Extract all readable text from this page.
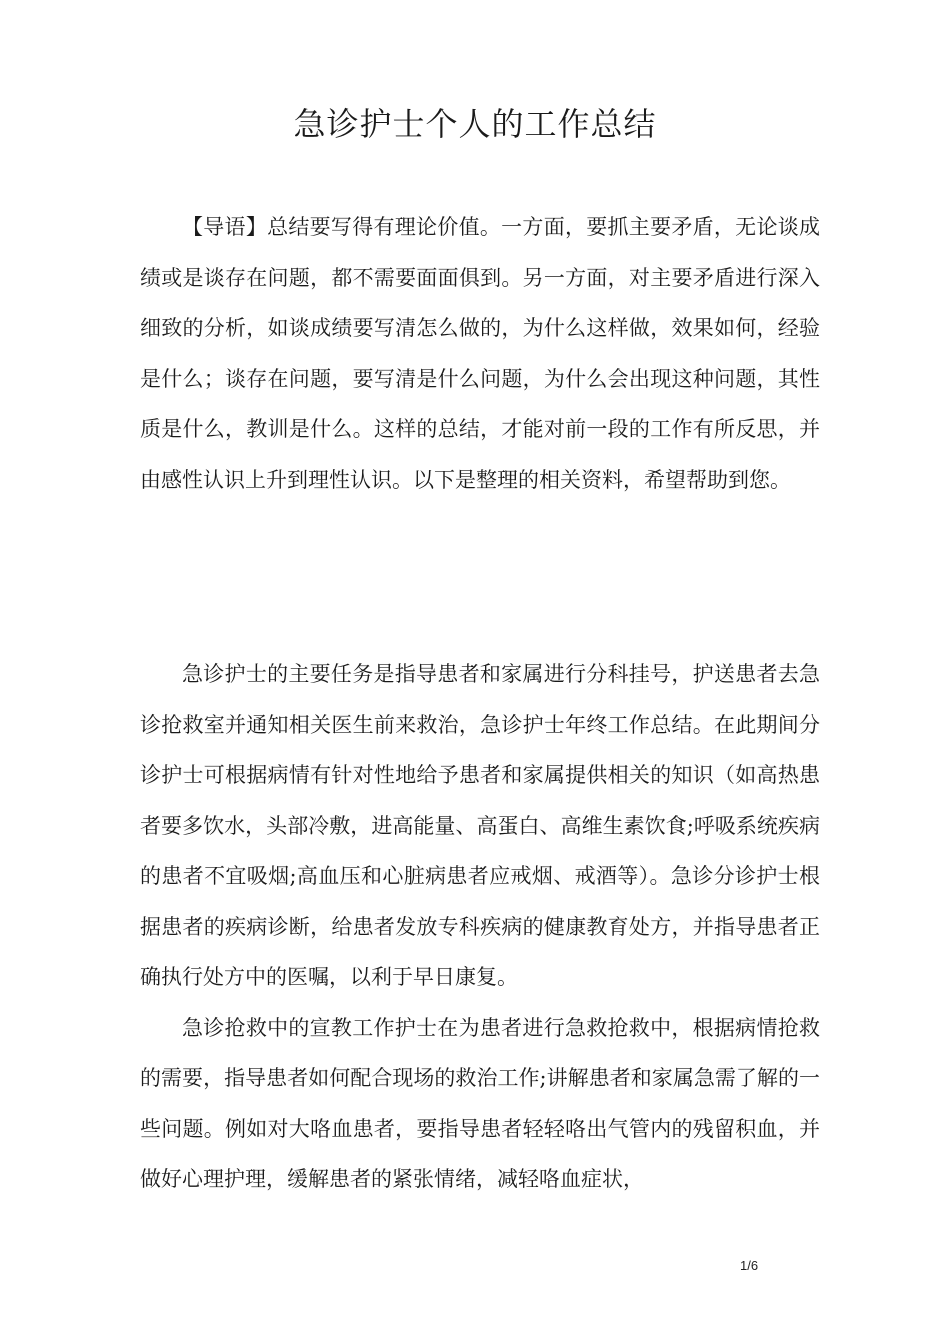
急诊护士个人的工作总结

【导语】总结要写得有理论价值。一方面，要抓主要矛盾，无论谈成绩或是谈存在问题，都不需要面面俱到。另一方面，对主要矛盾进行深入细致的分析，如谈成绩要写清怎么做的，为什么这样做，效果如何，经验是什么；谈存在问题，要写清是什么问题，为什么会出现这种问题，其性质是什么，教训是什么。这样的总结，才能对前一段的工作有所反思，并由感性认识上升到理性认识。以下是整理的相关资料，希望帮助到您。

急诊护士的主要任务是指导患者和家属进行分科挂号，护送患者去急诊抢救室并通知相关医生前来救治，急诊护士年终工作总结。在此期间分诊护士可根据病情有针对性地给予患者和家属提供相关的知识（如高热患者要多饮水，头部冷敷，进高能量、高蛋白、高维生素饮食;呼吸系统疾病的患者不宜吸烟;高血压和心脏病患者应戒烟、戒酒等）。急诊分诊护士根据患者的疾病诊断，给患者发放专科疾病的健康教育处方，并指导患者正确执行处方中的医嘱，以利于早日康复。

急诊抢救中的宣教工作护士在为患者进行急救抢救中，根据病情抢救的需要，指导患者如何配合现场的救治工作;讲解患者和家属急需了解的一些问题。例如对大咯血患者，要指导患者轻轻咯出气管内的残留积血，并做好心理护理，缓解患者的紧张情绪，减轻咯血症状，

1/6
